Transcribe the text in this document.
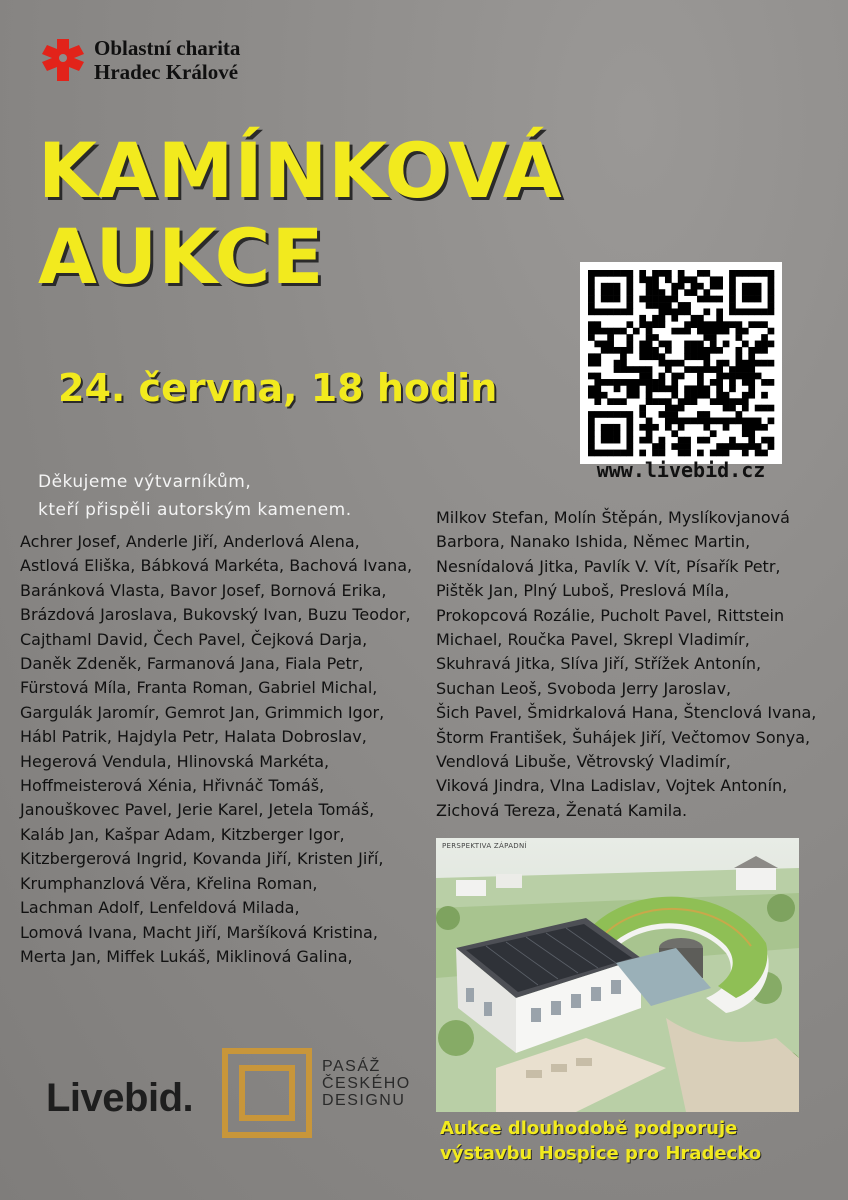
Oblastní charita
Hradec Králové
KAMÍNKOVÁ
AUKCE
24. června, 18 hodin
www.livebid.cz
Děkujeme výtvarníkům,
kteří přispěli autorským kamenem.
Achrer Josef, Anderle Jiří, Anderlová Alena,
Astlová Eliška, Bábková Markéta, Bachová Ivana,
Baránková Vlasta, Bavor Josef, Bornová Erika,
Brázdová Jaroslava, Bukovský Ivan, Buzu Teodor,
Cajthaml David, Čech Pavel, Čejková Darja,
Daněk Zdeněk, Farmanová Jana, Fiala Petr,
Fürstová Míla, Franta Roman, Gabriel Michal,
Gargulák Jaromír, Gemrot Jan, Grimmich Igor,
Hábl Patrik, Hajdyla Petr, Halata Dobroslav,
Hegerová Vendula, Hlinovská Markéta,
Hoffmeisterová Xénia, Hřivnáč Tomáš,
Janouškovec Pavel, Jerie Karel, Jetela Tomáš,
Kaláb Jan, Kašpar Adam, Kitzberger Igor,
Kitzbergerová Ingrid, Kovanda Jiří, Kristen Jiří,
Krumphanzlová Věra, Křelina Roman,
Lachman Adolf, Lenfeldová Milada,
Lomová Ivana, Macht Jiří, Maršíková Kristina,
Merta Jan, Miffek Lukáš, Miklinová Galina,
Milkov Stefan, Molín Štěpán, Myslíkovjanová
Barbora, Nanako Ishida, Němec Martin,
Nesnídalová Jitka, Pavlík V. Vít, Písařík Petr,
Pištěk Jan, Plný Luboš, Preslová Míla,
Prokopcová Rozálie, Pucholt Pavel, Rittstein
Michael, Roučka Pavel, Skrepl Vladimír,
Skuhravá Jitka, Slíva Jiří, Střížek Antonín,
Suchan Leoš, Svoboda Jerry Jaroslav,
Šich Pavel, Šmidrkalová Hana, Štenclová Ivana,
Štorm František, Šuhájek Jiří, Večtomov Sonya,
Vendlová Libuše, Větrovský Vladimír,
Viková Jindra, Vlna Ladislav, Vojtek Antonín,
Zichová Tereza, Ženatá Kamila.
PERSPEKTIVA ZÁPADNÍ
Aukce dlouhodobě podporuje
výstavbu Hospice pro Hradecko
Livebid.
PASÁŽ
ČESKÉHO
DESIGNU
